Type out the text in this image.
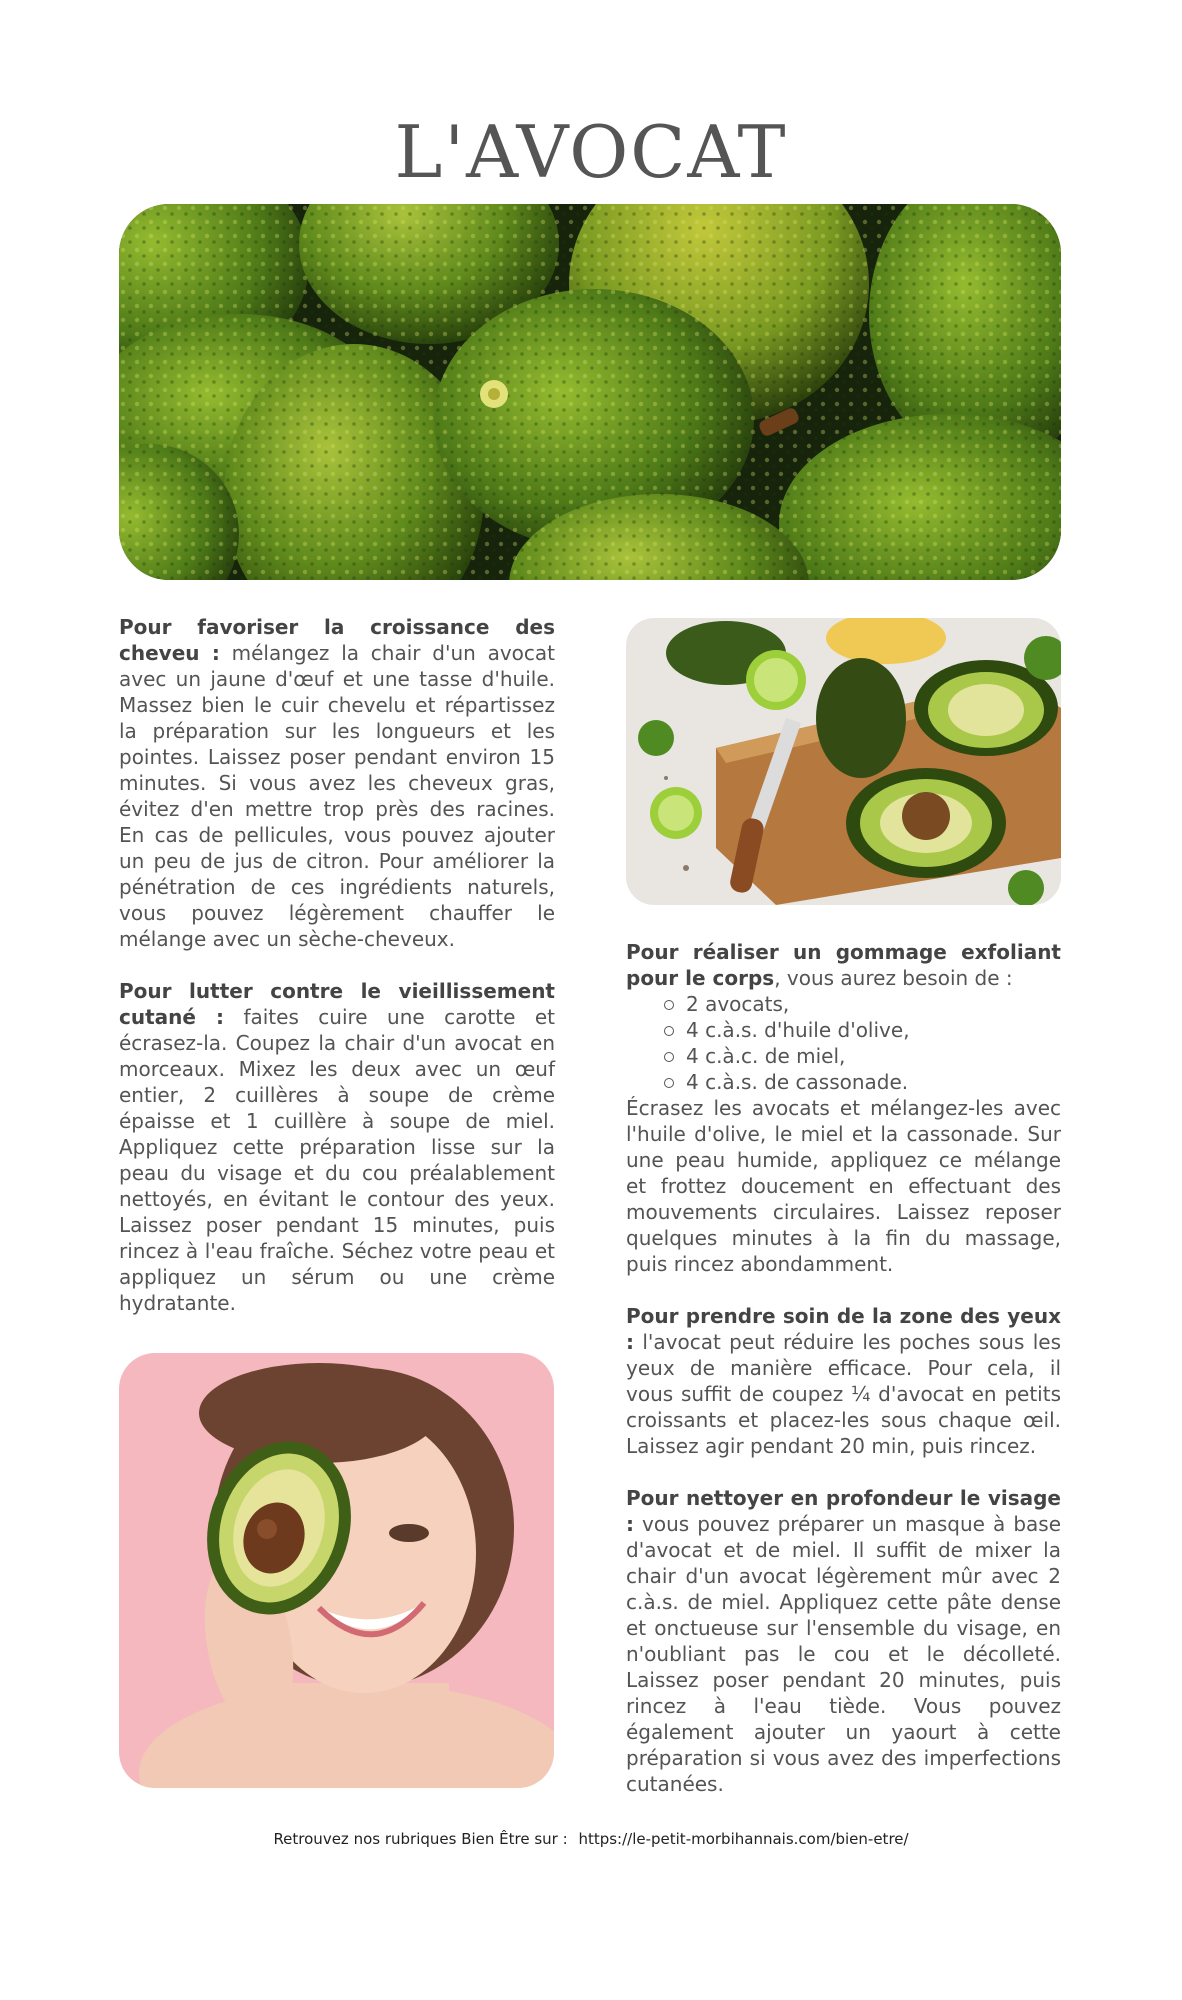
L'AVOCAT

Pour favoriser la croissance des cheveu : mélangez la chair d'un avocat avec un jaune d'œuf et une tasse d'huile. Massez bien le cuir chevelu et répartissez la préparation sur les longueurs et les pointes. Laissez poser pendant environ 15 minutes. Si vous avez les cheveux gras, évitez d'en mettre trop près des racines. En cas de pellicules, vous pouvez ajouter un peu de jus de citron. Pour améliorer la pénétration de ces ingrédients naturels, vous pouvez légèrement chauffer le mélange avec un sèche-cheveux.

Pour lutter contre le vieillissement cutané : faites cuire une carotte et écrasez-la. Coupez la chair d'un avocat en morceaux. Mixez les deux avec un œuf entier, 2 cuillères à soupe de crème épaisse et 1 cuillère à soupe de miel. Appliquez cette préparation lisse sur la peau du visage et du cou préalablement nettoyés, en évitant le contour des yeux. Laissez poser pendant 15 minutes, puis rincez à l'eau fraîche. Séchez votre peau et appliquez un sérum ou une crème hydratante.

Pour réaliser un gommage exfoliant pour le corps, vous aurez besoin de :

2 avocats,
4 c.à.s. d'huile d'olive,
4 c.à.c. de miel,
4 c.à.s. de cassonade.

Écrasez les avocats et mélangez-les avec l'huile d'olive, le miel et la cassonade. Sur une peau humide, appliquez ce mélange et frottez doucement en effectuant des mouvements circulaires. Laissez reposer quelques minutes à la fin du massage, puis rincez abondamment.

Pour prendre soin de la zone des yeux : l'avocat peut réduire les poches sous les yeux de manière efficace. Pour cela, il vous suffit de coupez ¼ d'avocat en petits croissants et placez-les sous chaque œil. Laissez agir pendant 20 min, puis rincez.

Pour nettoyer en profondeur le visage : vous pouvez préparer un masque à base d'avocat et de miel. Il suffit de mixer la chair d'un avocat légèrement mûr avec 2 c.à.s. de miel. Appliquez cette pâte dense et onctueuse sur l'ensemble du visage, en n'oubliant pas le cou et le décolleté. Laissez poser pendant 20 minutes, puis rincez à l'eau tiède. Vous pouvez également ajouter un yaourt à cette préparation si vous avez des imperfections cutanées.

Retrouvez nos rubriques Bien Être sur : https://le-petit-morbihannais.com/bien-etre/
